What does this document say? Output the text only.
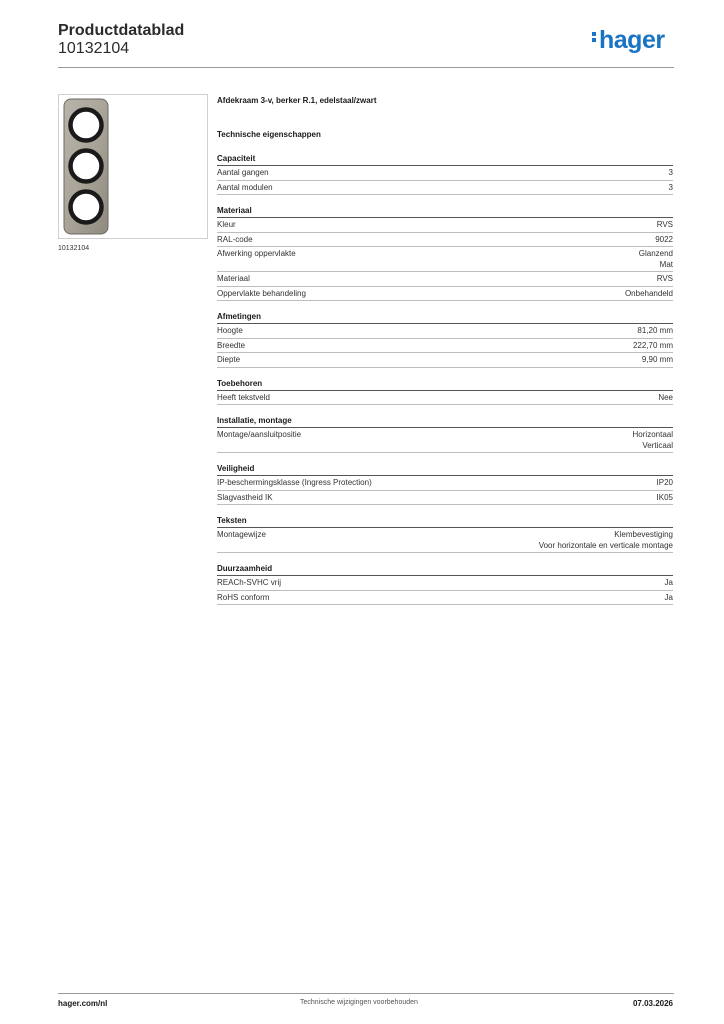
Productdatablad
10132104	hager
10132104
Afdekraam 3-v, berker R.1, edelstaal/zwart
Technische eigenschappen
Capaciteit
Aantal gangen	3
Aantal modulen	3
Materiaal
Kleur	RVS
RAL-code	9022
Afwerking oppervlakte	Glanzend
Mat
Materiaal	RVS
Oppervlakte behandeling	Onbehandeld
Afmetingen
Hoogte	81,20 mm
Breedte	222,70 mm
Diepte	9,90 mm
Toebehoren
Heeft tekstveld	Nee
Installatie, montage
Montage/aansluitpositie	Horizontaal
Verticaal
Veiligheid
IP-beschermingsklasse (Ingress Protection)	IP20
Slagvastheid IK	IK05
Teksten
Montagewijze	Klembevestiging
Voor horizontale en verticale montage
Duurzaamheid
REACh-SVHC vrij	Ja
RoHS conform	Ja
hager.com/nl	Technische wijzigingen voorbehouden	07.03.2026
